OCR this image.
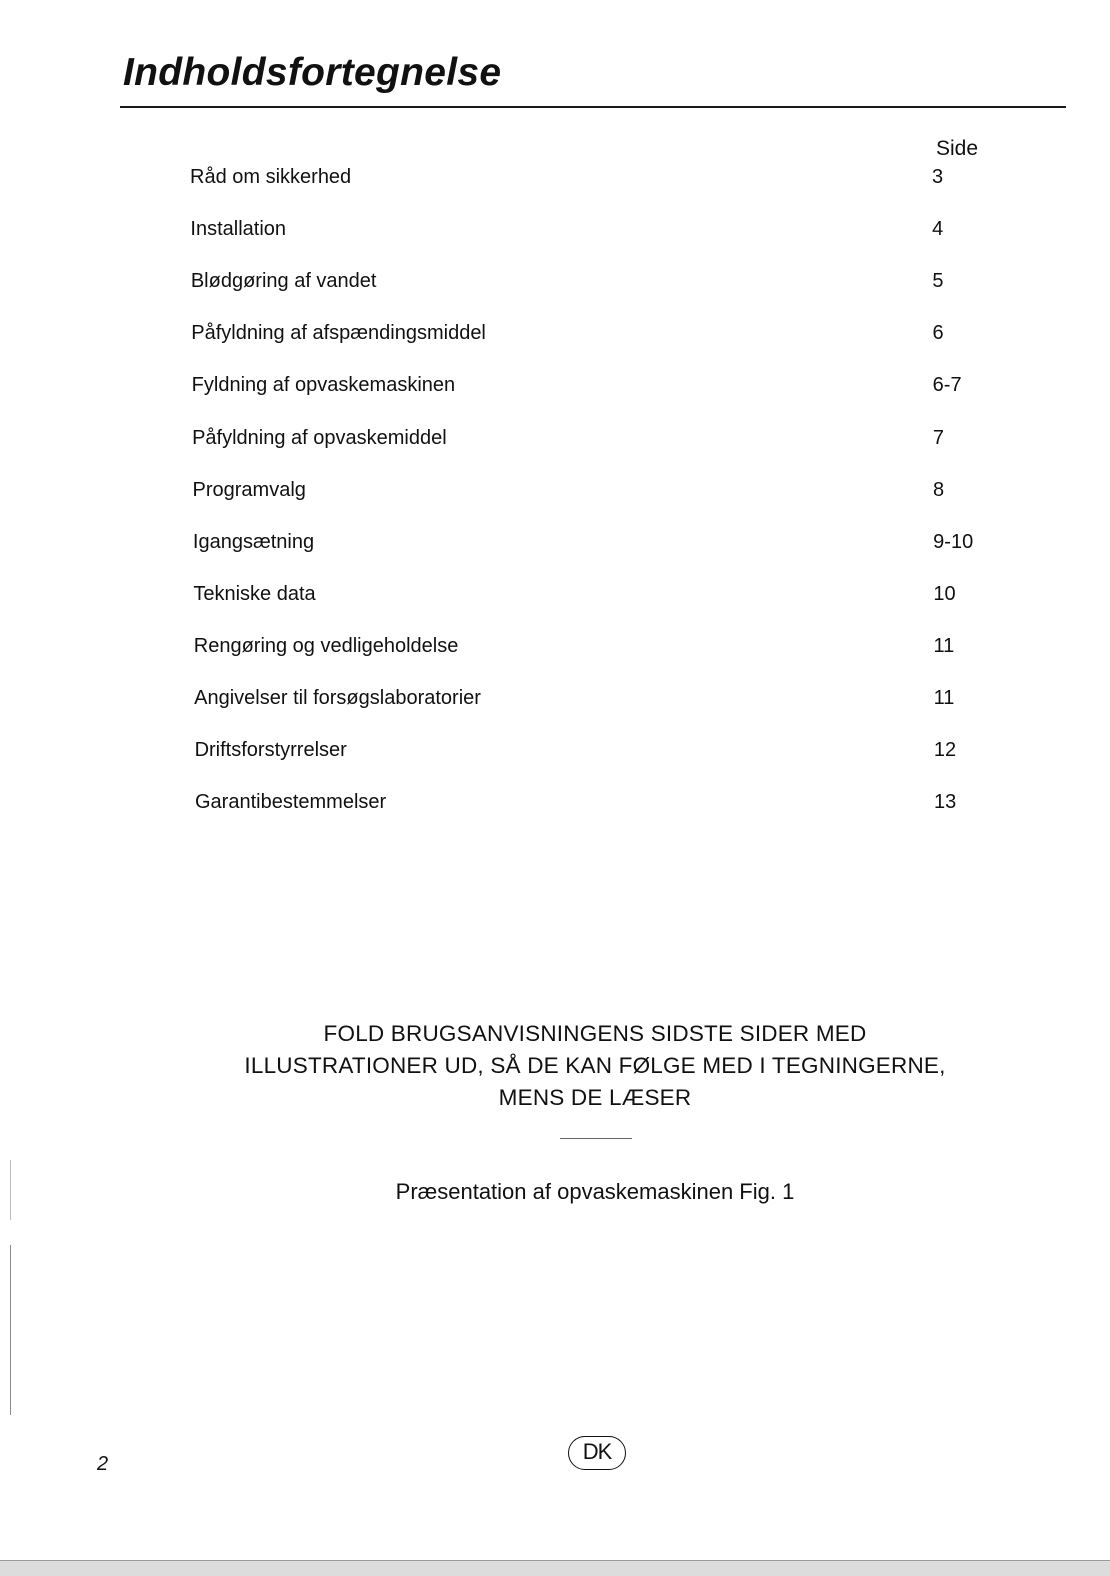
Indholdsfortegnelse
Side
Råd om sikkerhed	3
Installation	4
Blødgøring af vandet	5
Påfyldning af afspændingsmiddel	6
Fyldning af opvaskemaskinen	6-7
Påfyldning af opvaskemiddel	7
Programvalg	8
Igangsætning	9-10
Tekniske data	10
Rengøring og vedligeholdelse	11
Angivelser til forsøgslaboratorier	11
Driftsforstyrrelser	12
Garantibestemmelser	13
FOLD BRUGSANVISNINGENS SIDSTE SIDER MED
ILLUSTRATIONER UD, SÅ DE KAN FØLGE MED I TEGNINGERNE,
MENS DE LÆSER
Præsentation af opvaskemaskinen Fig. 1
2	DK
